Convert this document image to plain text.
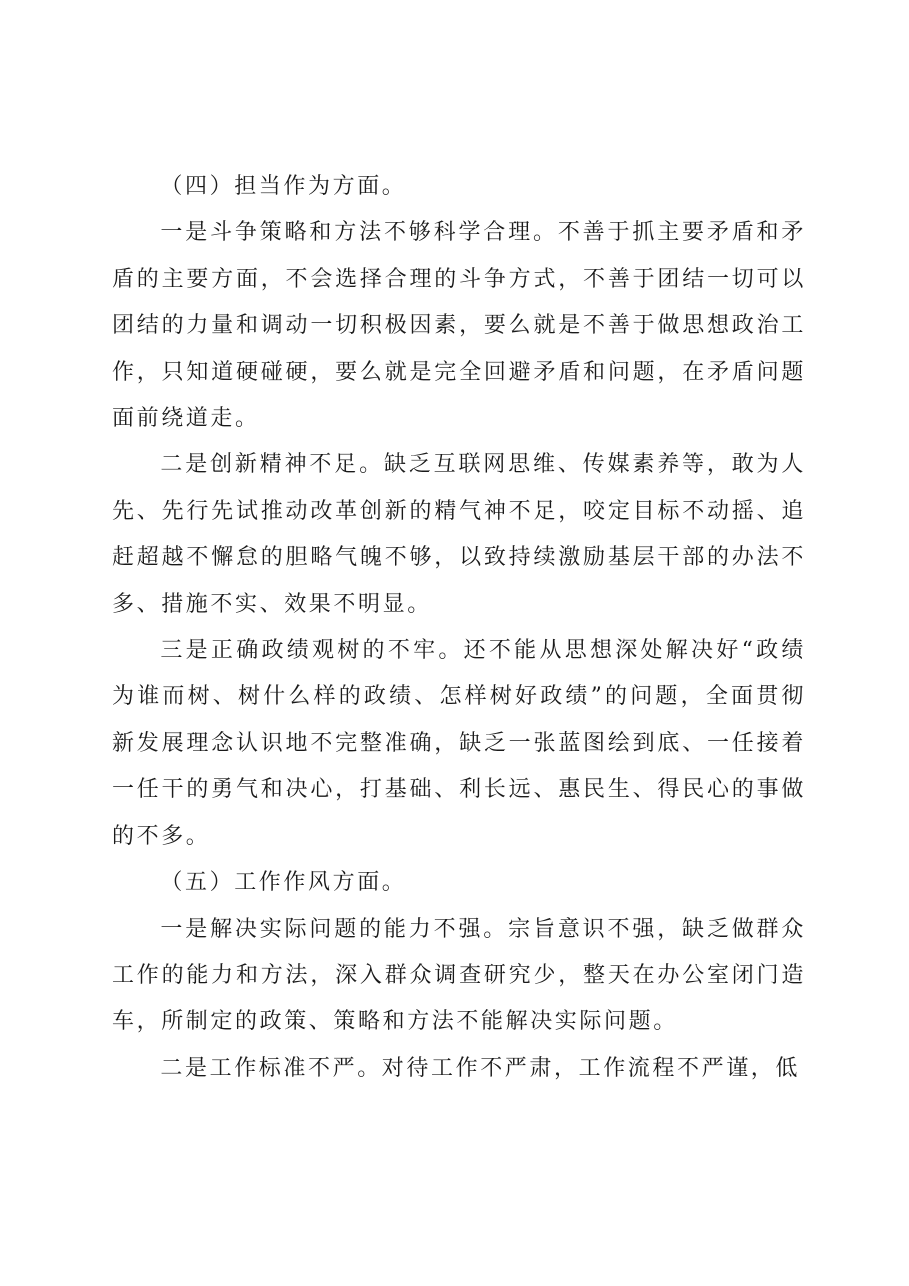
（四）担当作为方面。

一是斗争策略和方法不够科学合理。不善于抓主要矛盾和矛盾的主要方面，不会选择合理的斗争方式，不善于团结一切可以团结的力量和调动一切积极因素，要么就是不善于做思想政治工作，只知道硬碰硬，要么就是完全回避矛盾和问题，在矛盾问题面前绕道走。

二是创新精神不足。缺乏互联网思维、传媒素养等，敢为人先、先行先试推动改革创新的精气神不足，咬定目标不动摇、追赶超越不懈怠的胆略气魄不够，以致持续激励基层干部的办法不多、措施不实、效果不明显。

三是正确政绩观树的不牢。还不能从思想深处解决好“政绩为谁而树、树什么样的政绩、怎样树好政绩”的问题，全面贯彻新发展理念认识地不完整准确，缺乏一张蓝图绘到底、一任接着一任干的勇气和决心，打基础、利长远、惠民生、得民心的事做的不多。

（五）工作作风方面。

一是解决实际问题的能力不强。宗旨意识不强，缺乏做群众工作的能力和方法，深入群众调查研究少，整天在办公室闭门造车，所制定的政策、策略和方法不能解决实际问题。

二是工作标准不严。对待工作不严肃，工作流程不严谨，低
